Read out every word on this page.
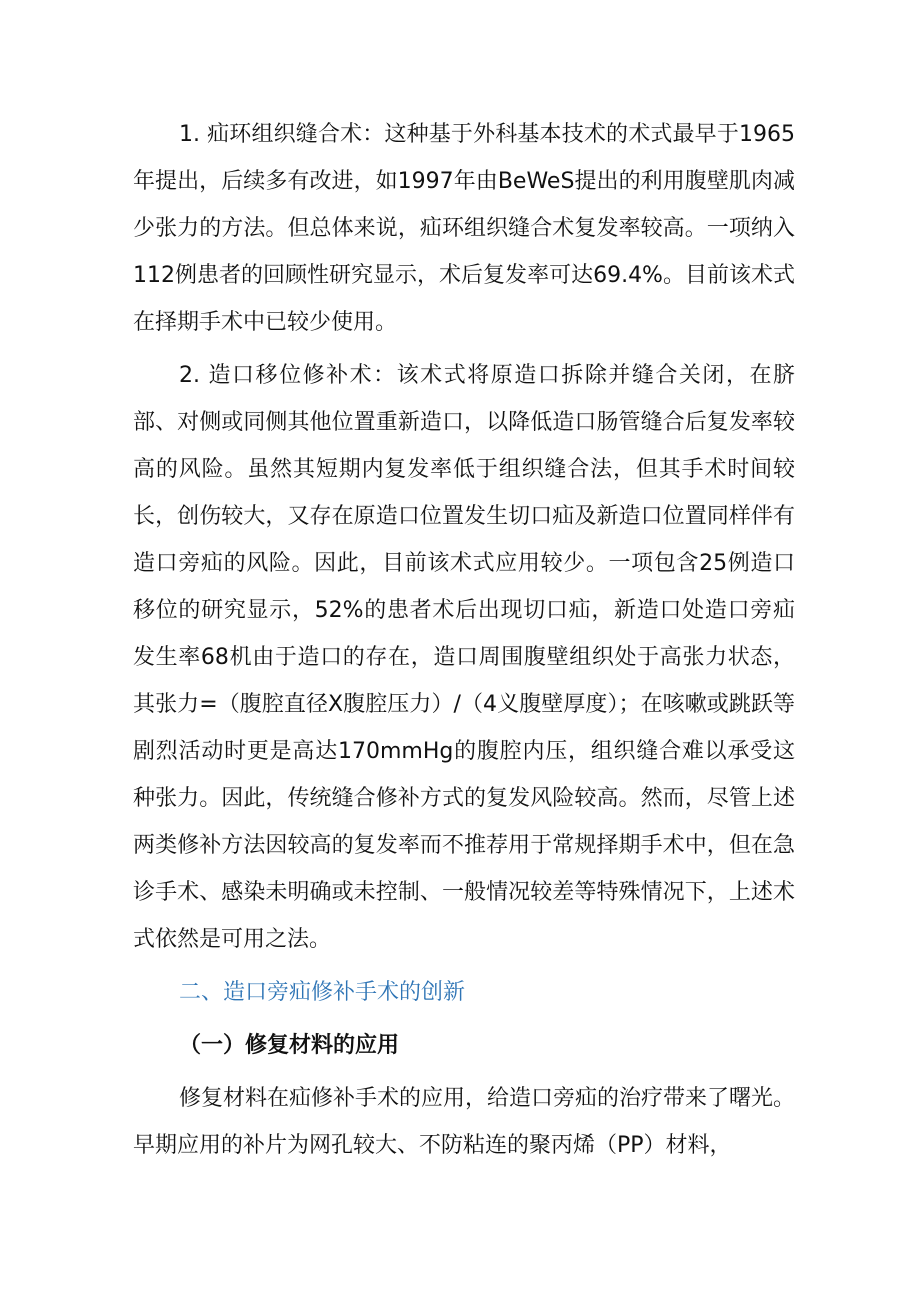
1. 疝环组织缝合术：这种基于外科基本技术的术式最早于1965年提出，后续多有改进，如1997年由BeWeS提出的利用腹壁肌肉减少张力的方法。但总体来说，疝环组织缝合术复发率较高。一项纳入112例患者的回顾性研究显示，术后复发率可达69.4%。目前该术式在择期手术中已较少使用。

2. 造口移位修补术：该术式将原造口拆除并缝合关闭，在脐部、对侧或同侧其他位置重新造口，以降低造口肠管缝合后复发率较高的风险。虽然其短期内复发率低于组织缝合法，但其手术时间较长，创伤较大，又存在原造口位置发生切口疝及新造口位置同样伴有造口旁疝的风险。因此，目前该术式应用较少。一项包含25例造口移位的研究显示，52%的患者术后出现切口疝，新造口处造口旁疝发生率68机由于造口的存在，造口周围腹壁组织处于高张力状态，其张力=（腹腔直径X腹腔压力）/（4义腹壁厚度）；在咳嗽或跳跃等剧烈活动时更是高达170mmHg的腹腔内压，组织缝合难以承受这种张力。因此，传统缝合修补方式的复发风险较高。然而，尽管上述两类修补方法因较高的复发率而不推荐用于常规择期手术中，但在急诊手术、感染未明确或未控制、一般情况较差等特殊情况下，上述术式依然是可用之法。

二、造口旁疝修补手术的创新

（一）修复材料的应用

修复材料在疝修补手术的应用，给造口旁疝的治疗带来了曙光。早期应用的补片为网孔较大、不防粘连的聚丙烯（PP）材料，
